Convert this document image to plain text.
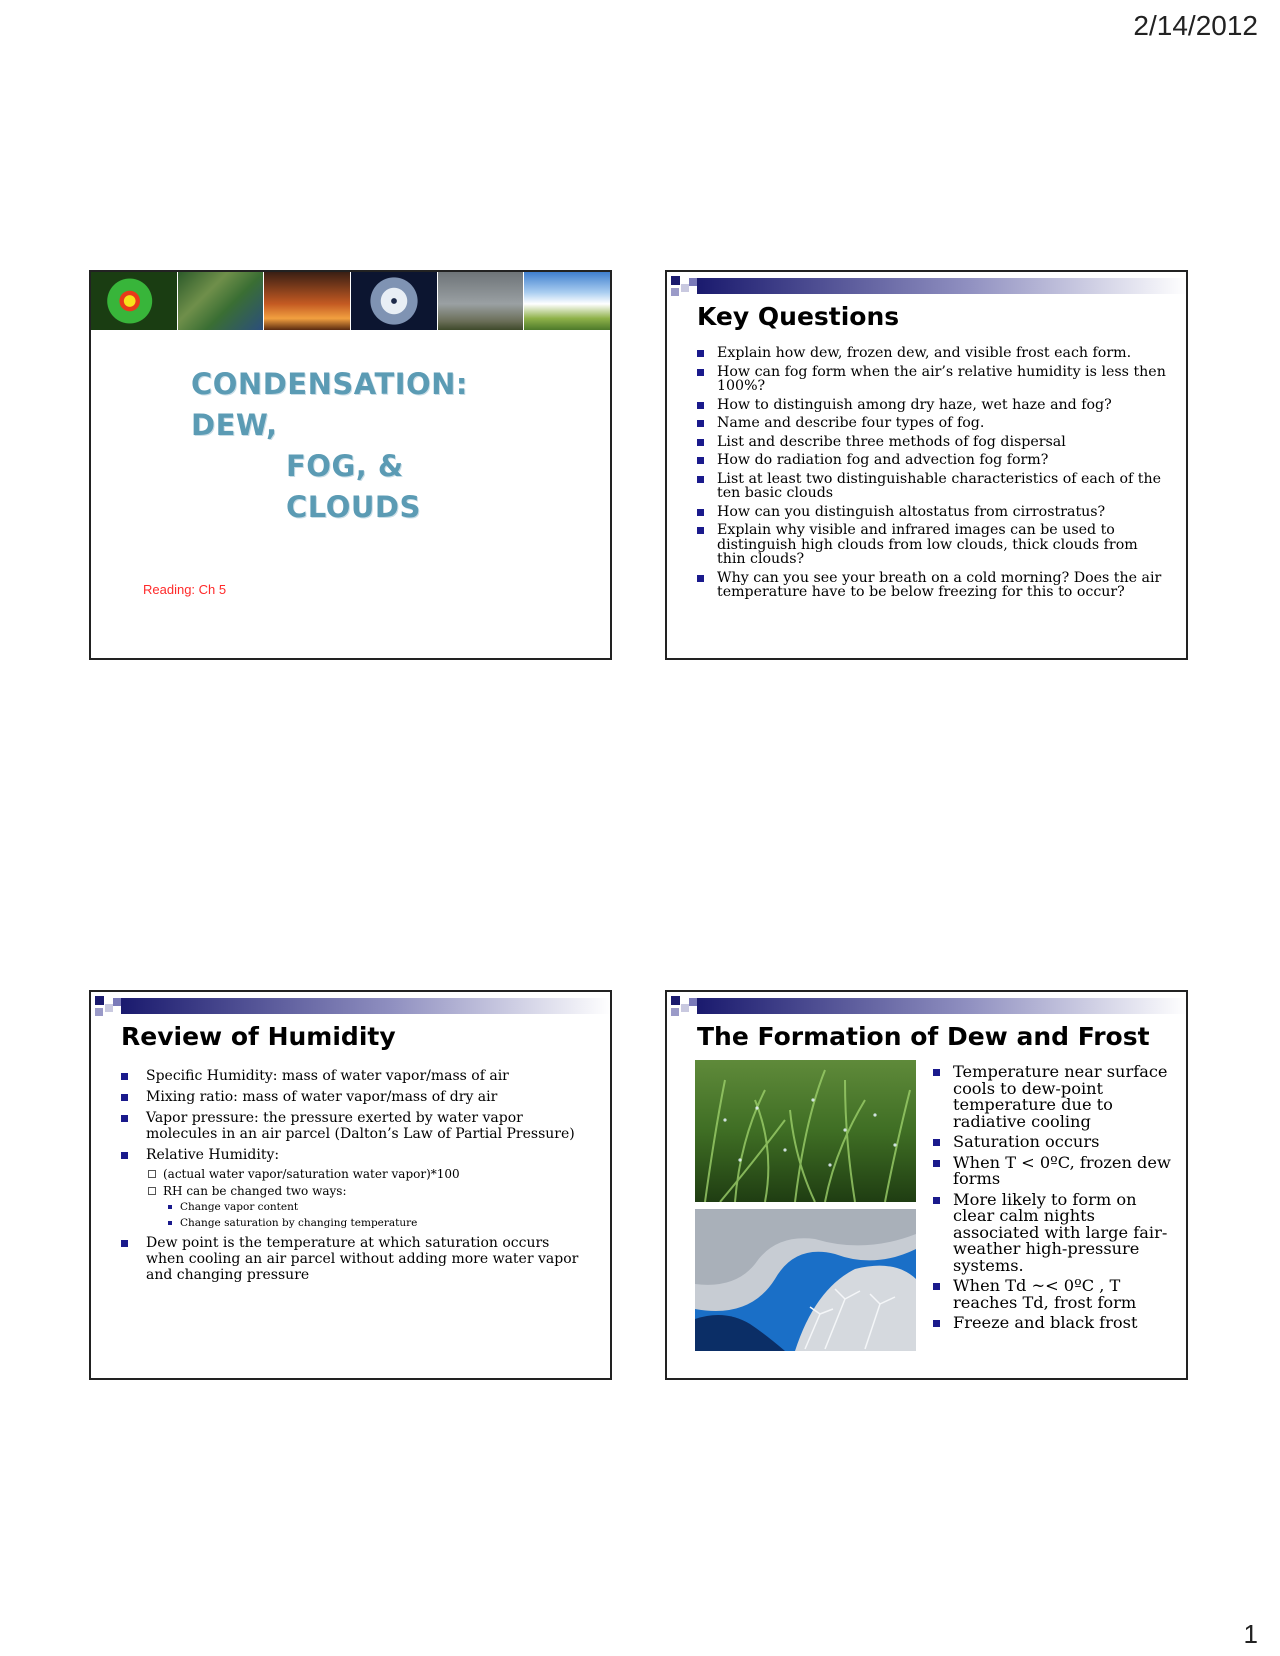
2/14/2012
CONDENSATION: DEW,
FOG, & CLOUDS
Reading: Ch 5
Key Questions
Explain how dew, frozen dew, and visible frost each form.
How can fog form when the air’s relative humidity is less then 100%?
How to distinguish among dry haze, wet haze and fog?
Name and describe four types of fog.
List and describe three methods of fog dispersal
How do radiation fog and advection fog form?
List at least two distinguishable characteristics of each of the ten basic clouds
How can you distinguish altostatus from cirrostratus?
Explain why visible and infrared images can be used to distinguish high clouds from low clouds, thick clouds from thin clouds?
Why can you see your breath on a cold morning? Does the air temperature have to be below freezing for this to occur?
Review of Humidity
Specific Humidity: mass of water vapor/mass of air
Mixing ratio: mass of water vapor/mass of dry air
Vapor pressure: the pressure exerted by water vapor molecules in an air parcel (Dalton’s Law of Partial Pressure)
Relative Humidity:
(actual water vapor/saturation water vapor)*100
RH can be changed two ways:
Change vapor content
Change saturation by changing temperature
Dew point is the temperature at which saturation occurs when cooling an air parcel without adding more water vapor and changing pressure
The Formation of Dew and Frost
Temperature near surface cools to dew-point temperature due to radiative cooling
Saturation occurs
When T < 0ºC, frozen dew forms
More likely to form on clear calm nights associated with large fair-weather high-pressure systems.
When Td ~< 0ºC , T reaches Td, frost form
Freeze and black frost
1
